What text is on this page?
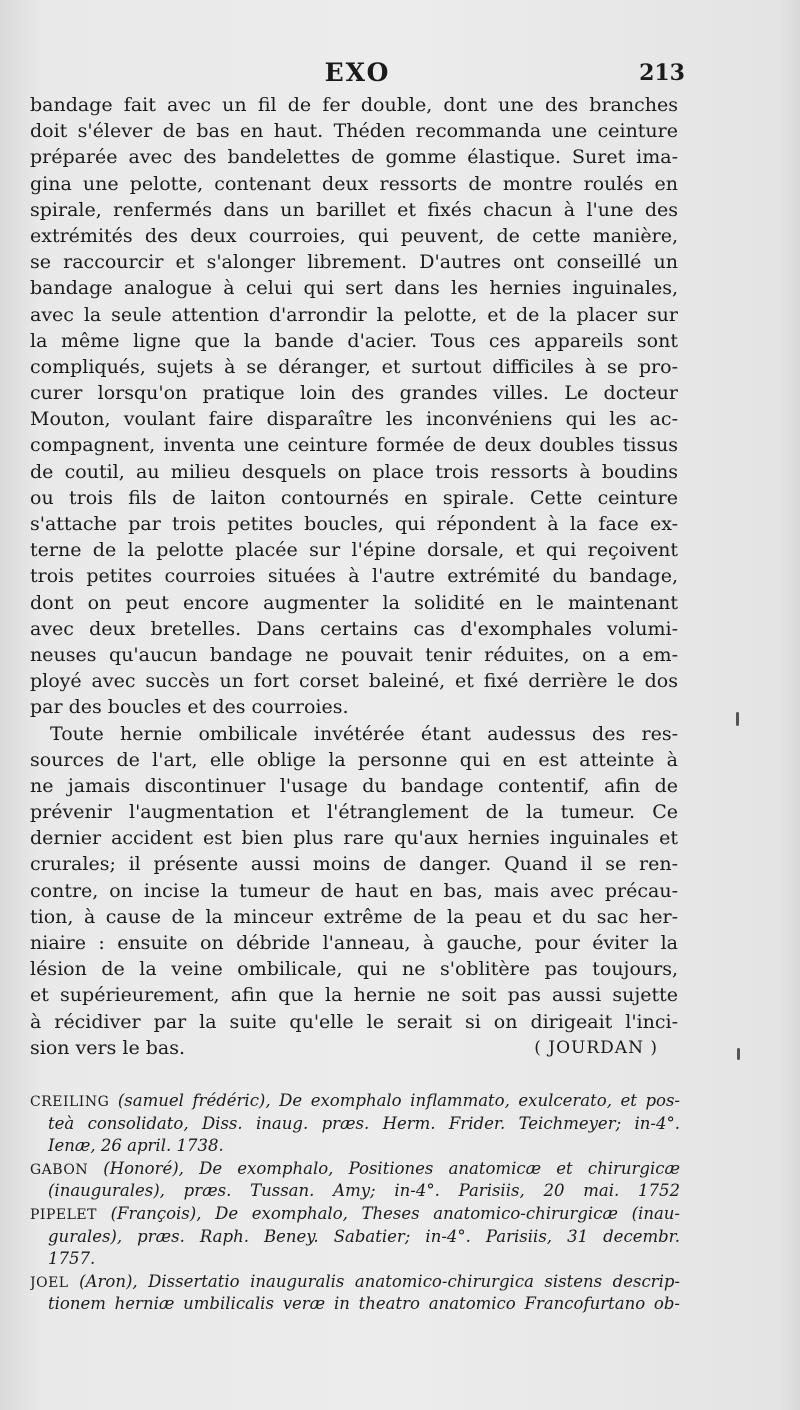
EXO	213
bandage fait avec un fil de fer double, dont une des branches
doit s'élever de bas en haut. Théden recommanda une ceinture
préparée avec des bandelettes de gomme élastique. Suret ima-
gina une pelotte, contenant deux ressorts de montre roulés en
spirale, renfermés dans un barillet et fixés chacun à l'une des
extrémités des deux courroies, qui peuvent, de cette manière,
se raccourcir et s'alonger librement. D'autres ont conseillé un
bandage analogue à celui qui sert dans les hernies inguinales,
avec la seule attention d'arrondir la pelotte, et de la placer sur
la même ligne que la bande d'acier. Tous ces appareils sont
compliqués, sujets à se déranger, et surtout difficiles à se pro-
curer lorsqu'on pratique loin des grandes villes. Le docteur
Mouton, voulant faire disparaître les inconvéniens qui les ac-
compagnent, inventa une ceinture formée de deux doubles tissus
de coutil, au milieu desquels on place trois ressorts à boudins
ou trois fils de laiton contournés en spirale. Cette ceinture
s'attache par trois petites boucles, qui répondent à la face ex-
terne de la pelotte placée sur l'épine dorsale, et qui reçoivent
trois petites courroies situées à l'autre extrémité du bandage,
dont on peut encore augmenter la solidité en le maintenant
avec deux bretelles. Dans certains cas d'exomphales volumi-
neuses qu'aucun bandage ne pouvait tenir réduites, on a em-
ployé avec succès un fort corset baleiné, et fixé derrière le dos
par des boucles et des courroies.
Toute hernie ombilicale invétérée étant audessus des res-
sources de l'art, elle oblige la personne qui en est atteinte à
ne jamais discontinuer l'usage du bandage contentif, afin de
prévenir l'augmentation et l'étranglement de la tumeur. Ce
dernier accident est bien plus rare qu'aux hernies inguinales et
crurales; il présente aussi moins de danger. Quand il se ren-
contre, on incise la tumeur de haut en bas, mais avec précau-
tion, à cause de la minceur extrême de la peau et du sac her-
niaire : ensuite on débride l'anneau, à gauche, pour éviter la
lésion de la veine ombilicale, qui ne s'oblitère pas toujours,
et supérieurement, afin que la hernie ne soit pas aussi sujette
à récidiver par la suite qu'elle le serait si on dirigeait l'inci-
sion vers le bas.	( JOURDAN )
CREILING (samuel frédéric), De exomphalo inflammato, exulcerato, et pos-
teà consolidato, Diss. inaug. præs. Herm. Frider. Teichmeyer; in-4°.
Ienæ, 26 april. 1738.
GABON (Honoré), De exomphalo, Positiones anatomicæ et chirurgicæ
(inaugurales), præs. Tussan. Amy; in-4°. Parisiis, 20 mai. 1752
PIPELET (François), De exomphalo, Theses anatomico-chirurgicæ (inau-
gurales), præs. Raph. Beney. Sabatier; in-4°. Parisiis, 31 decembr.
1757.
JOEL (Aron), Dissertatio inauguralis anatomico-chirurgica sistens descrip-
tionem herniæ umbilicalis veræ in theatro anatomico Francofurtano ob-
